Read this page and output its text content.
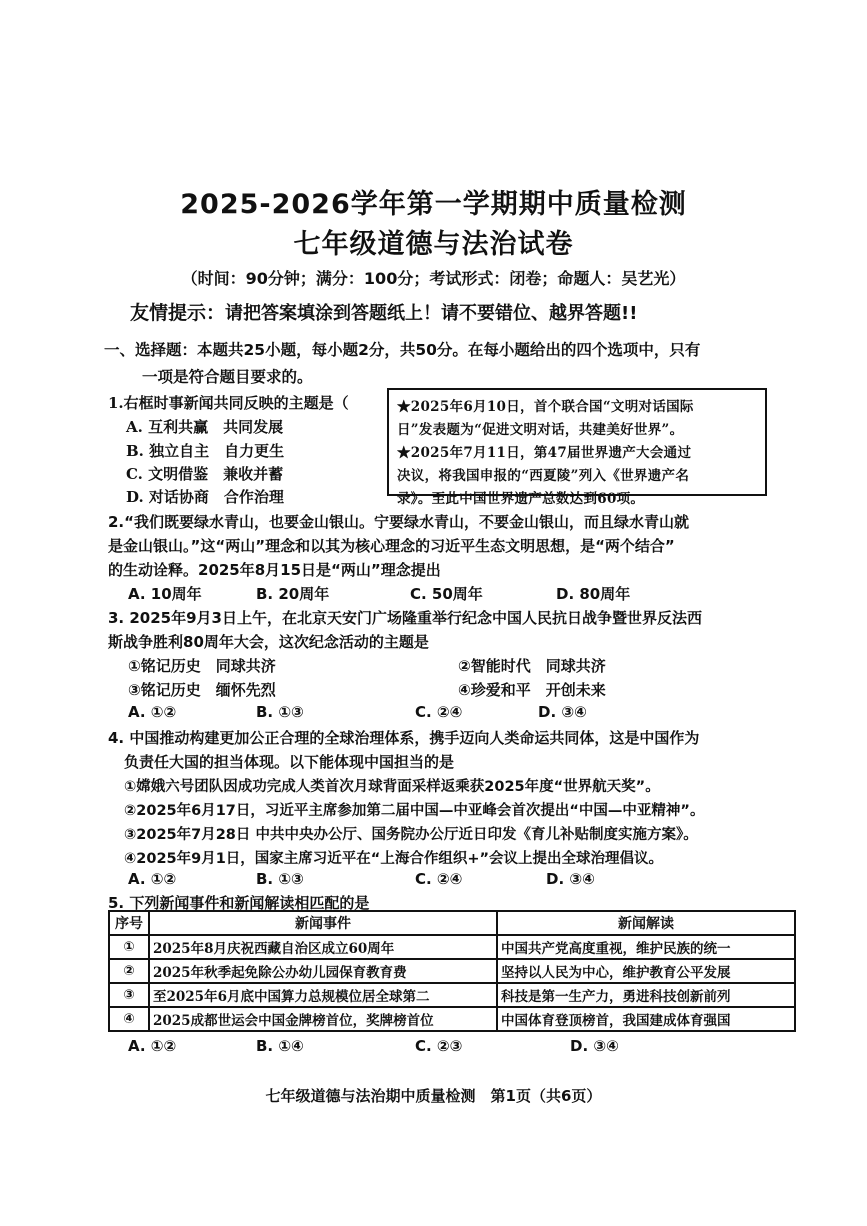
2025-2026学年第一学期期中质量检测
七年级道德与法治试卷
（时间：90分钟；满分：100分；考试形式：闭卷；命题人：吴艺光）
友情提示：请把答案填涂到答题纸上！请不要错位、越界答题!!
一、选择题：本题共25小题，每小题2分，共50分。在每小题给出的四个选项中，只有
一项是符合题目要求的。
1.右框时事新闻共同反映的主题是（
A. 互利共赢　共同发展
B. 独立自主　自力更生
C. 文明借鉴　兼收并蓄
D. 对话协商　合作治理
★2025年6月10日，首个联合国“文明对话国际
日”发表题为“促进文明对话，共建美好世界”。
★2025年7月11日，第47届世界遗产大会通过
决议，将我国申报的“西夏陵”列入《世界遗产名
录》。至此中国世界遗产总数达到60项。
2.“我们既要绿水青山，也要金山银山。宁要绿水青山，不要金山银山，而且绿水青山就
是金山银山。”这“两山”理念和以其为核心理念的习近平生态文明思想，是“两个结合”
的生动诠释。2025年8月15日是“两山”理念提出
A. 10周年	B. 20周年	C. 50周年	D. 80周年
3. 2025年9月3日上午，在北京天安门广场隆重举行纪念中国人民抗日战争暨世界反法西
斯战争胜利80周年大会，这次纪念活动的主题是
①铭记历史　同球共济	②智能时代　同球共济
③铭记历史　缅怀先烈	④珍爱和平　开创未来
A. ①②	B. ①③	C. ②④	D. ③④
4. 中国推动构建更加公正合理的全球治理体系，携手迈向人类命运共同体，这是中国作为
负责任大国的担当体现。以下能体现中国担当的是
①嫦娥六号团队因成功完成人类首次月球背面采样返乘获2025年度“世界航天奖”。
②2025年6月17日，习近平主席参加第二届中国—中亚峰会首次提出“中国—中亚精神”。
③2025年7月28日 中共中央办公厅、国务院办公厅近日印发《育儿补贴制度实施方案》。
④2025年9月1日，国家主席习近平在“上海合作组织+”会议上提出全球治理倡议。
A. ①②	B. ①③	C. ②④	D. ③④
5. 下列新闻事件和新闻解读相匹配的是
序号	新闻事件	新闻解读
①	2025年8月庆祝西藏自治区成立60周年	中国共产党高度重视，维护民族的统一
②	2025年秋季起免除公办幼儿园保育教育费	坚持以人民为中心，维护教育公平发展
③	至2025年6月底中国算力总规模位居全球第二	科技是第一生产力，勇进科技创新前列
④	2025成都世运会中国金牌榜首位，奖牌榜首位	中国体育登顶榜首，我国建成体育强国
A. ①②	B. ①④	C. ②③	D. ③④
七年级道德与法治期中质量检测　第1页（共6页）
